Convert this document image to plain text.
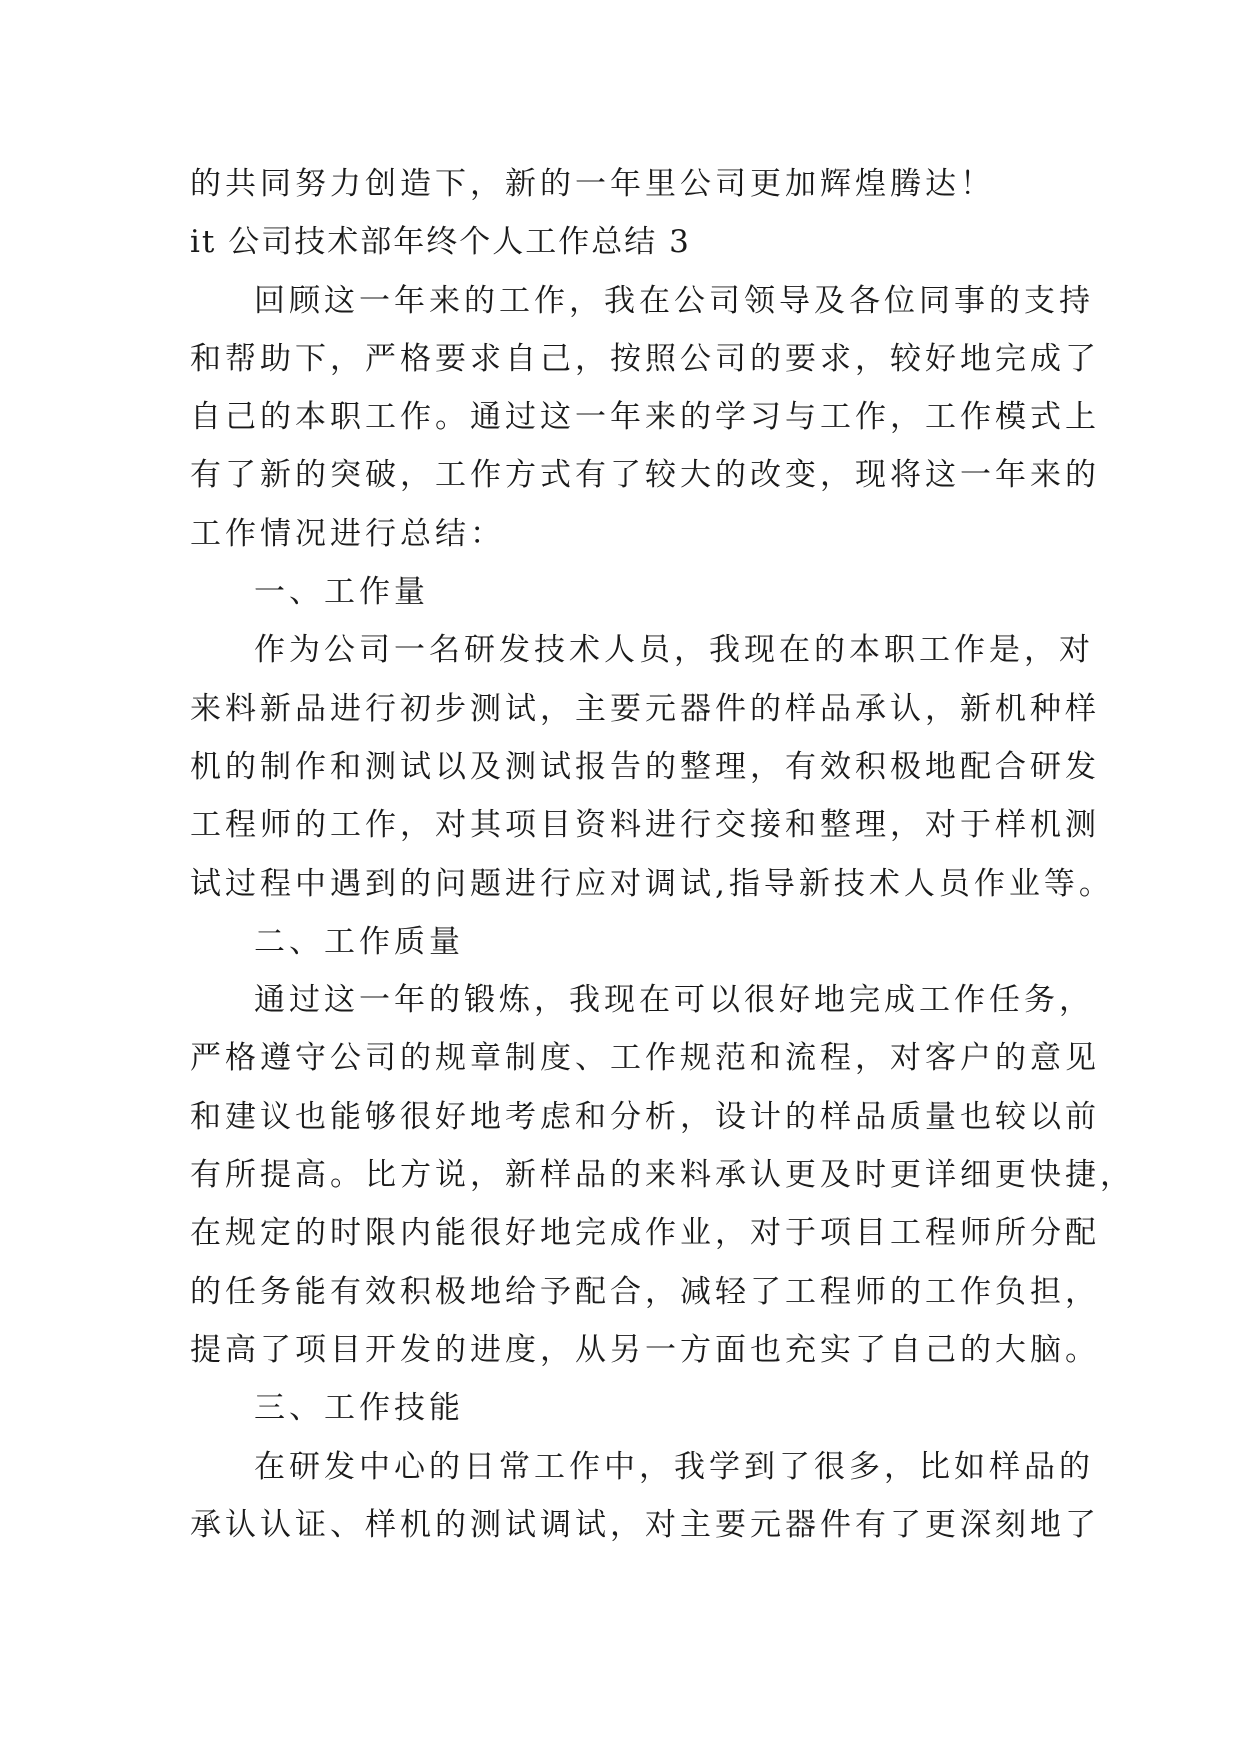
的共同努力创造下，新的一年里公司更加辉煌腾达！
it 公司技术部年终个人工作总结 3
回顾这一年来的工作，我在公司领导及各位同事的支持
和帮助下，严格要求自己，按照公司的要求，较好地完成了
自己的本职工作。通过这一年来的学习与工作，工作模式上
有了新的突破，工作方式有了较大的改变，现将这一年来的
工作情况进行总结：
一、工作量
作为公司一名研发技术人员，我现在的本职工作是，对
来料新品进行初步测试，主要元器件的样品承认，新机种样
机的制作和测试以及测试报告的整理，有效积极地配合研发
工程师的工作，对其项目资料进行交接和整理，对于样机测
试过程中遇到的问题进行应对调试,指导新技术人员作业等。
二、工作质量
通过这一年的锻炼，我现在可以很好地完成工作任务，
严格遵守公司的规章制度、工作规范和流程，对客户的意见
和建议也能够很好地考虑和分析，设计的样品质量也较以前
有所提高。比方说，新样品的来料承认更及时更详细更快捷，
在规定的时限内能很好地完成作业，对于项目工程师所分配
的任务能有效积极地给予配合，减轻了工程师的工作负担，
提高了项目开发的进度，从另一方面也充实了自己的大脑。
三、工作技能
在研发中心的日常工作中，我学到了很多，比如样品的
承认认证、样机的测试调试，对主要元器件有了更深刻地了
